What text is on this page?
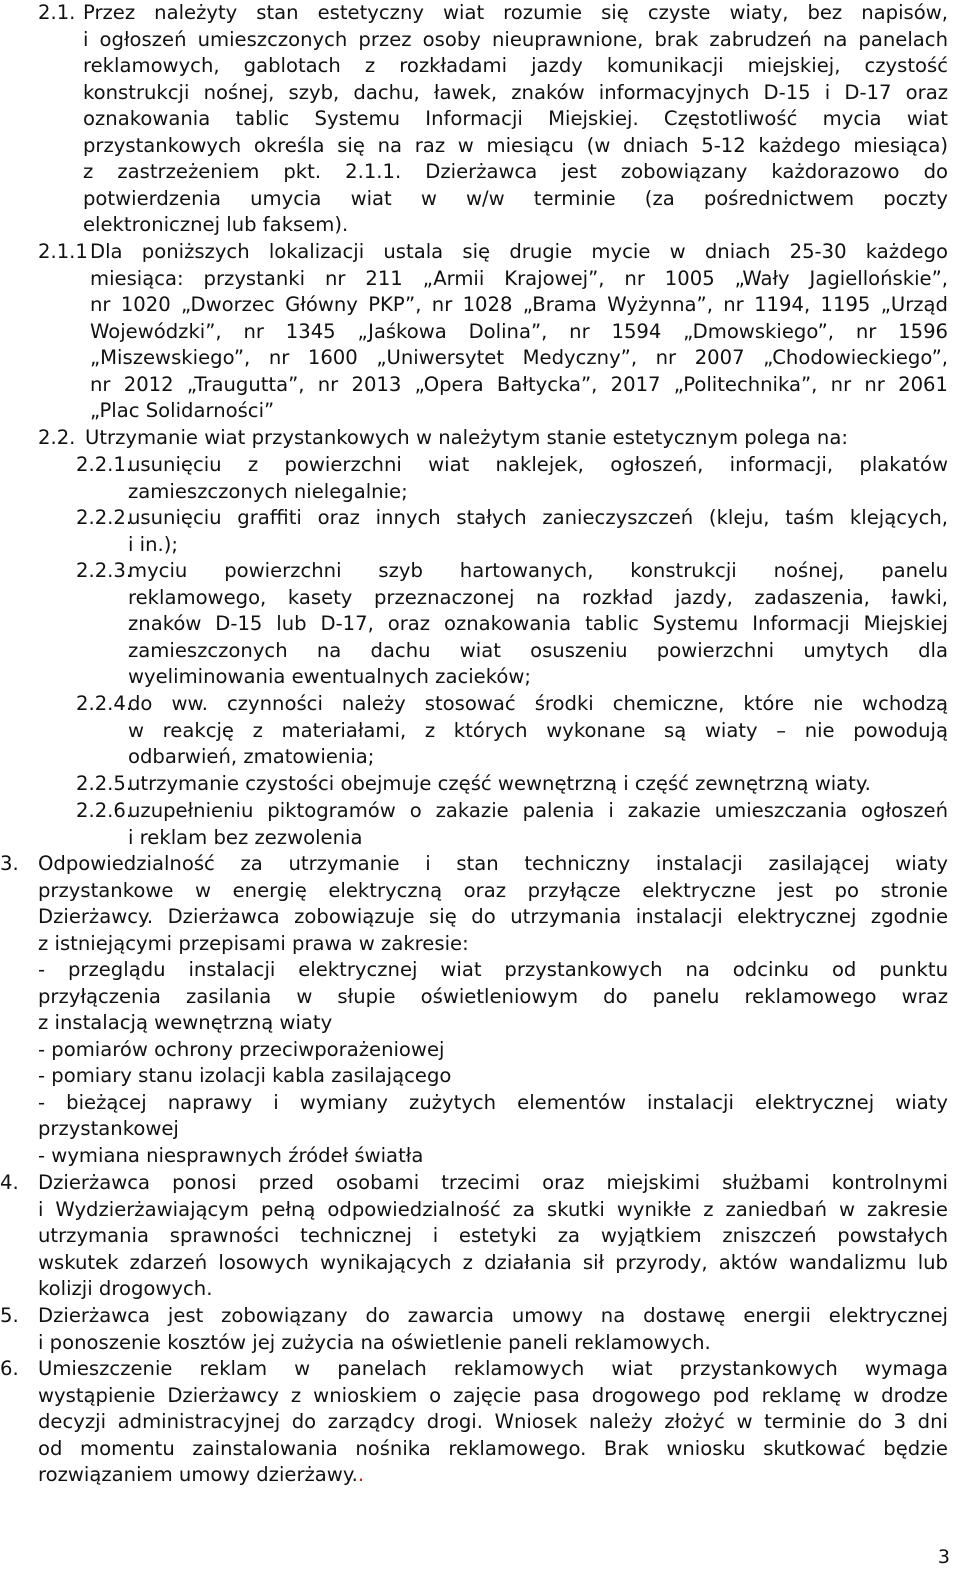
2.1. Przez należyty stan estetyczny wiat rozumie się czyste wiaty, bez napisów,
i ogłoszeń umieszczonych przez osoby nieuprawnione, brak zabrudzeń na panelach
reklamowych, gablotach z rozkładami jazdy komunikacji miejskiej, czystość
konstrukcji nośnej, szyb, dachu, ławek, znaków informacyjnych D-15 i D-17 oraz
oznakowania tablic Systemu Informacji Miejskiej. Częstotliwość mycia wiat
przystankowych określa się na raz w miesiącu (w dniach 5-12 każdego miesiąca)
z zastrzeżeniem pkt. 2.1.1. Dzierżawca jest zobowiązany każdorazowo do
potwierdzenia umycia wiat w w/w terminie (za pośrednictwem poczty
elektronicznej lub faksem).
2.1.1 Dla poniższych lokalizacji ustala się drugie mycie w dniach 25-30 każdego
miesiąca: przystanki nr 211 „Armii Krajowej”, nr 1005 „Wały Jagiellońskie”,
nr 1020 „Dworzec Główny PKP”, nr 1028 „Brama Wyżynna”, nr 1194, 1195 „Urząd
Wojewódzki”, nr 1345 „Jaśkowa Dolina”, nr 1594 „Dmowskiego”, nr 1596
„Miszewskiego”, nr 1600 „Uniwersytet Medyczny”, nr 2007 „Chodowieckiego”,
nr 2012 „Traugutta”, nr 2013 „Opera Bałtycka”, 2017 „Politechnika”, nr nr 2061
„Plac Solidarności”
2.2. Utrzymanie wiat przystankowych w należytym stanie estetycznym polega na:
2.2.1.
usunięciu z powierzchni wiat naklejek, ogłoszeń, informacji, plakatów
zamieszczonych nielegalnie;
2.2.2.
usunięciu graffiti oraz innych stałych zanieczyszczeń (kleju, taśm klejących,
i in.);
2.2.3.
myciu powierzchni szyb hartowanych, konstrukcji nośnej, panelu
reklamowego, kasety przeznaczonej na rozkład jazdy, zadaszenia, ławki,
znaków D-15 lub D-17, oraz oznakowania tablic Systemu Informacji Miejskiej
zamieszczonych na dachu wiat osuszeniu powierzchni umytych dla
wyeliminowania ewentualnych zacieków;
2.2.4.
do ww. czynności należy stosować środki chemiczne, które nie wchodzą
w reakcję z materiałami, z których wykonane są wiaty – nie powodują
odbarwień, zmatowienia;
2.2.5.
utrzymanie czystości obejmuje część wewnętrzną i część zewnętrzną wiaty.
2.2.6.
uzupełnieniu piktogramów o zakazie palenia i zakazie umieszczania ogłoszeń
i reklam bez zezwolenia
3. Odpowiedzialność za utrzymanie i stan techniczny instalacji zasilającej wiaty
przystankowe w energię elektryczną oraz przyłącze elektryczne jest po stronie
Dzierżawcy. Dzierżawca zobowiązuje się do utrzymania instalacji elektrycznej zgodnie
z istniejącymi przepisami prawa w zakresie:
- przeglądu instalacji elektrycznej wiat przystankowych na odcinku od punktu
przyłączenia zasilania w słupie oświetleniowym do panelu reklamowego wraz
z instalacją wewnętrzną wiaty
- pomiarów ochrony przeciwporażeniowej
- pomiary stanu izolacji kabla zasilającego
- bieżącej naprawy i wymiany zużytych elementów instalacji elektrycznej wiaty
przystankowej
- wymiana niesprawnych źródeł światła
4. Dzierżawca ponosi przed osobami trzecimi oraz miejskimi służbami kontrolnymi
i Wydzierżawiającym pełną odpowiedzialność za skutki wynikłe z zaniedbań w zakresie
utrzymania sprawności technicznej i estetyki za wyjątkiem zniszczeń powstałych
wskutek zdarzeń losowych wynikających z działania sił przyrody, aktów wandalizmu lub
kolizji drogowych.
5. Dzierżawca jest zobowiązany do zawarcia umowy na dostawę energii elektrycznej
i ponoszenie kosztów jej zużycia na oświetlenie paneli reklamowych.
6. Umieszczenie reklam w panelach reklamowych wiat przystankowych wymaga
wystąpienie Dzierżawcy z wnioskiem o zajęcie pasa drogowego pod reklamę w drodze
decyzji administracyjnej do zarządcy drogi. Wniosek należy złożyć w terminie do 3 dni
od momentu zainstalowania nośnika reklamowego. Brak wniosku skutkować będzie
rozwiązaniem umowy dzierżawy..
3
